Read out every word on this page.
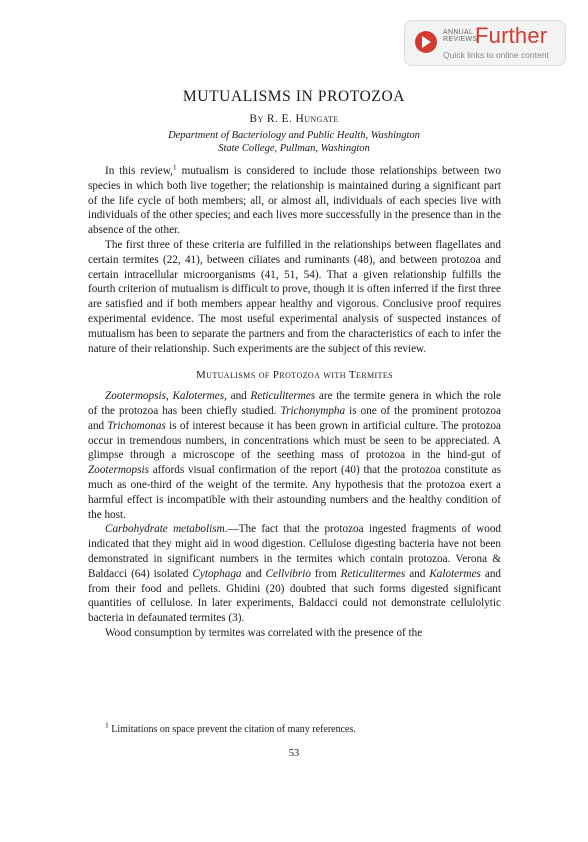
ANNUAL REVIEWS
Further
Quick links to online content
MUTUALISMS IN PROTOZOA
By R. E. Hungate
Department of Bacteriology and Public Health, Washington
State College, Pullman, Washington

In this review,$^1$ mutualism is considered to include those relationships between two species in which both live together; the relationship is maintained during a significant part of the life cycle of both members; all, or almost all, individuals of each species live with individuals of the other species; and each lives more successfully in the presence than in the absence of the other.

The first three of these criteria are fulfilled in the relationships between flagellates and certain termites (22, 41), between ciliates and ruminants (48), and between protozoa and certain intracellular microorganisms (41, 51, 54). That a given relationship fulfills the fourth criterion of mutualism is difficult to prove, though it is often inferred if the first three are satisfied and if both members appear healthy and vigorous. Conclusive proof requires experimental evidence. The most useful experimental analysis of suspected instances of mutualism has been to separate the partners and from the characteristics of each to infer the nature of their relationship. Such experiments are the subject of this review.

Mutualisms of Protozoa with Termites

Zootermopsis, Kalotermes, and Reticulitermes are the termite genera in which the role of the protozoa has been chiefly studied. Trichonympha is one of the prominent protozoa and Trichomonas is of interest because it has been grown in artificial culture. The protozoa occur in tremendous numbers, in concentrations which must be seen to be appreciated. A glimpse through a microscope of the seething mass of protozoa in the hind-gut of Zootermopsis affords visual confirmation of the report (40) that the protozoa constitute as much as one-third of the weight of the termite. Any hypothesis that the protozoa exert a harmful effect is incompatible with their astounding numbers and the healthy condition of the host.

Carbohydrate metabolism.—The fact that the protozoa ingested fragments of wood indicated that they might aid in wood digestion. Cellulose digesting bacteria have not been demonstrated in significant numbers in the termites which contain protozoa. Verona & Baldacci (64) isolated Cytophaga and Cellvibrio from Reticulitermes and Kalotermes and from their food and pellets. Ghidini (20) doubted that such forms digested significant quantities of cellulose. In later experiments, Baldacci could not demonstrate cellulolytic bacteria in defaunated termites (3).

Wood consumption by termites was correlated with the presence of the

$^1$ Limitations on space prevent the citation of many references.
53
